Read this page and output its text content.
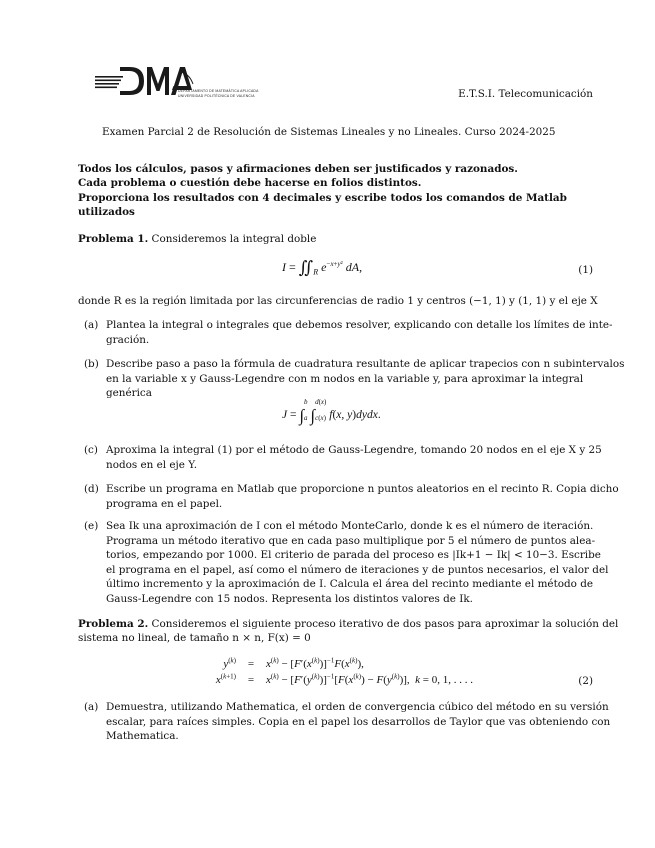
DEPARTAMENTO DE MATEMÁTICA APLICADA
UNIVERSIDAD POLITÉCNICA DE VALENCIA	E.T.S.I. Telecomunicación
Examen Parcial 2 de Resolución de Sistemas Lineales y no Lineales. Curso 2024-2025
Todos los cálculos, pasos y afirmaciones deben ser justificados y razonados.
Cada problema o cuestión debe hacerse en folios distintos.
Proporciona los resultados con 4 decimales y escribe todos los comandos de Matlab
utilizados
Problema 1. Consideremos la integral doble
$I = ∬_R$ $e^{-x+y^2}$ dA,	(1)
donde R es la región limitada por las circunferencias de radio 1 y centros (−1, 1) y (1, 1) y el eje X
(a) Plantea la integral o integrales que debemos resolver, explicando con detalle los límites de inte-
gración.
(b) Describe paso a paso la fórmula de cuadratura resultante de aplicar trapecios con n subintervalos
en la variable x y Gauss-Legendre con m nodos en la variable y, para aproximar la integral
genérica
J = ∫b

a ∫d(x)

c(x) f(x, y)dydx.
(c) Aproxima la integral (1) por el método de Gauss-Legendre, tomando 20 nodos en el eje X y 25
nodos en el eje Y.
(d) Escribe un programa en Matlab que proporcione n puntos aleatorios en el recinto R. Copia dicho
programa en el papel.
(e) Sea Ik una aproximación de I con el método MonteCarlo, donde k es el número de iteración.
Programa un método iterativo que en cada paso multiplique por 5 el número de puntos alea-
torios, empezando por 1000. El criterio de parada del proceso es |Ik+1 − Ik| < 10−3. Escribe
el programa en el papel, así como el número de iteraciones y de puntos necesarios, el valor del
último incremento y la aproximación de I. Calcula el área del recinto mediante el método de
Gauss-Legendre con 15 nodos. Representa los distintos valores de Ik.
Problema 2. Consideremos el siguiente proceso iterativo de dos pasos para aproximar la solución del
sistema no lineal, de tamaño n × n, F(x) = 0
$y^{(k)} = x^{(k)} - [F'(x^{(k)})]^{-1}F(x^{(k)})$,
$x^{(k+1)} = x^{(k)} - [F'(y^{(k)})]^{-1}[F(x^{(k)}) - F(y^{(k)})]$,  k = 0, 1, . . . .	(2)
(a) Demuestra, utilizando Mathematica, el orden de convergencia cúbico del método en su versión
escalar, para raíces simples. Copia en el papel los desarrollos de Taylor que vas obteniendo con
Mathematica.
